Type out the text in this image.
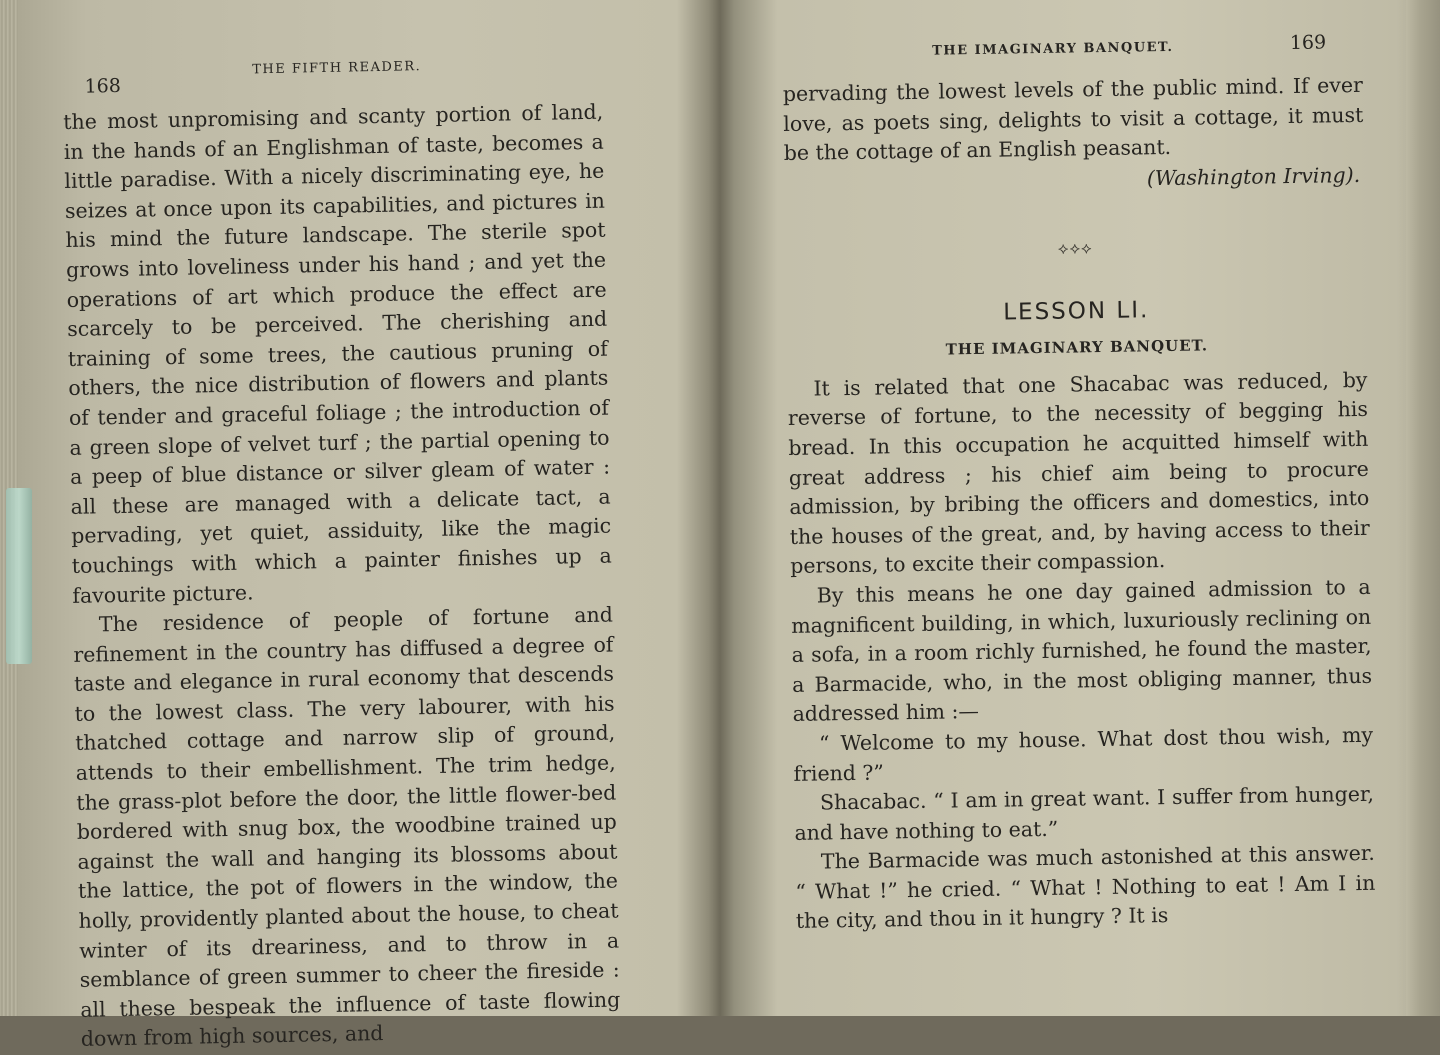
168
THE FIFTH READER.

the most unpromising and scanty portion of land, in the hands of an Englishman of taste, becomes a little paradise. With a nicely discriminating eye, he seizes at once upon its capabilities, and pictures in his mind the future landscape. The sterile spot grows into loveliness under his hand ; and yet the operations of art which produce the effect are scarcely to be perceived. The cherishing and training of some trees, the cautious pruning of others, the nice distribution of flowers and plants of tender and graceful foliage ; the introduction of a green slope of velvet turf ; the partial opening to a peep of blue distance or silver gleam of water : all these are managed with a delicate tact, a pervading, yet quiet, assiduity, like the magic touchings with which a painter finishes up a favourite picture.

The residence of people of fortune and refinement in the country has diffused a degree of taste and elegance in rural economy that descends to the lowest class. The very labourer, with his thatched cottage and narrow slip of ground, attends to their embellishment. The trim hedge, the grass-plot before the door, the little flower-bed bordered with snug box, the woodbine trained up against the wall and hanging its blossoms about the lattice, the pot of flowers in the window, the holly, providently planted about the house, to cheat winter of its dreariness, and to throw in a semblance of green summer to cheer the fireside : all these bespeak the influence of taste flowing down from high sources, and

THE IMAGINARY BANQUET.	169

pervading the lowest levels of the public mind. If ever love, as poets sing, delights to visit a cottage, it must be the cottage of an English peasant.

(Washington Irving).
⟡⟡⟡
LESSON LI.
THE IMAGINARY BANQUET.

It is related that one Shacabac was reduced, by reverse of fortune, to the necessity of begging his bread. In this occupation he acquitted himself with great address ; his chief aim being to procure admission, by bribing the officers and domestics, into the houses of the great, and, by having access to their persons, to excite their compassion.

By this means he one day gained admission to a magnificent building, in which, luxuriously reclining on a sofa, in a room richly furnished, he found the master, a Barmacide, who, in the most obliging manner, thus addressed him :—

“ Welcome to my house. What dost thou wish, my friend ?”

Shacabac. “ I am in great want. I suffer from hunger, and have nothing to eat.”

The Barmacide was much astonished at this answer. “ What !” he cried. “ What ! Nothing to eat ! Am I in the city, and thou in it hungry ? It is
